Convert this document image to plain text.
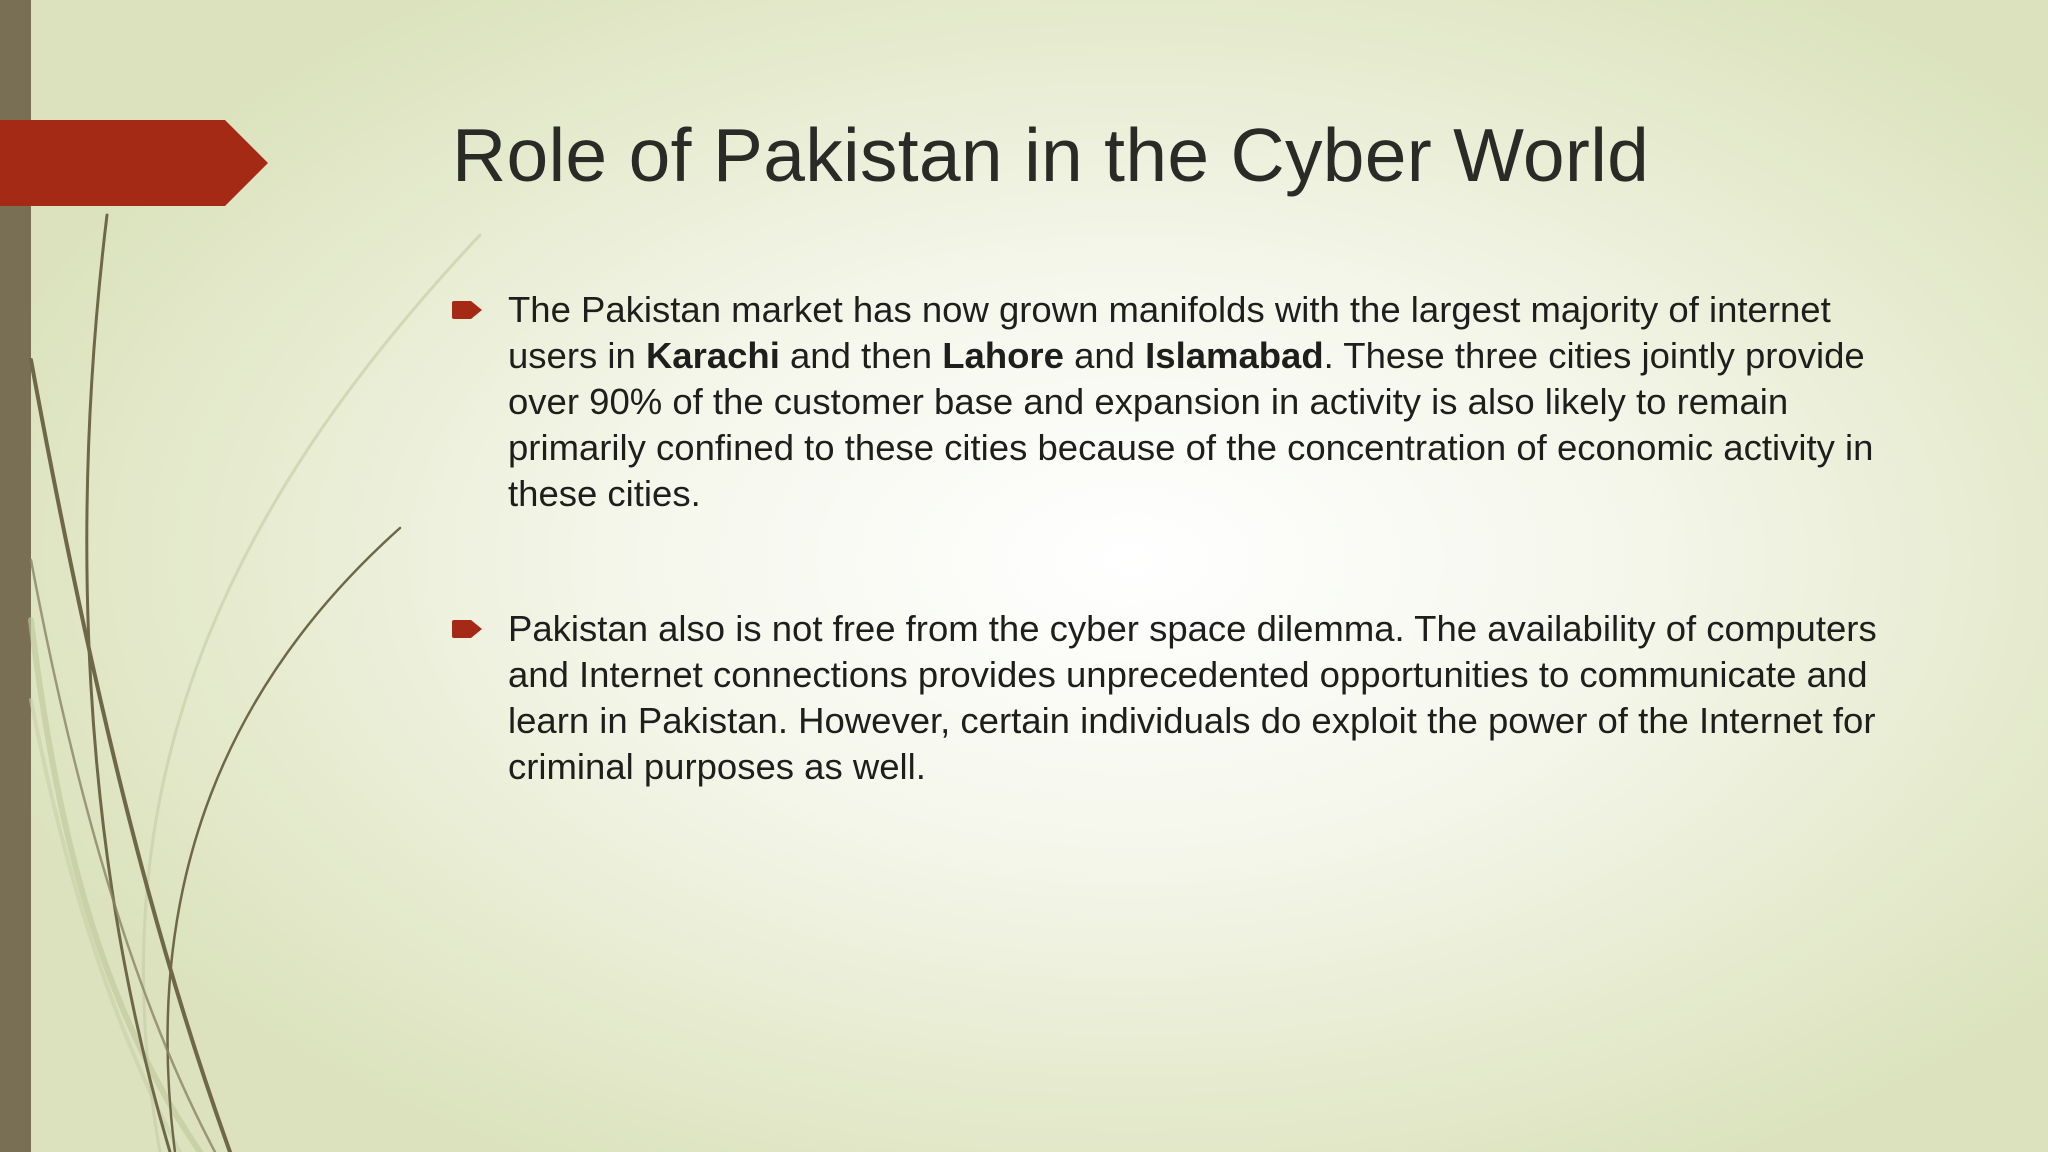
Role of Pakistan in the Cyber World

The Pakistan market has now grown manifolds with the largest majority of internet users in Karachi and then Lahore and Islamabad. These three cities jointly provide over 90% of the customer base and expansion in activity is also likely to remain primarily confined to these cities because of the concentration of economic activity in these cities.

Pakistan also is not free from the cyber space dilemma. The availability of computers and Internet connections provides unprecedented opportunities to communicate and learn in Pakistan. However, certain individuals do exploit the power of the Internet for criminal purposes as well.
